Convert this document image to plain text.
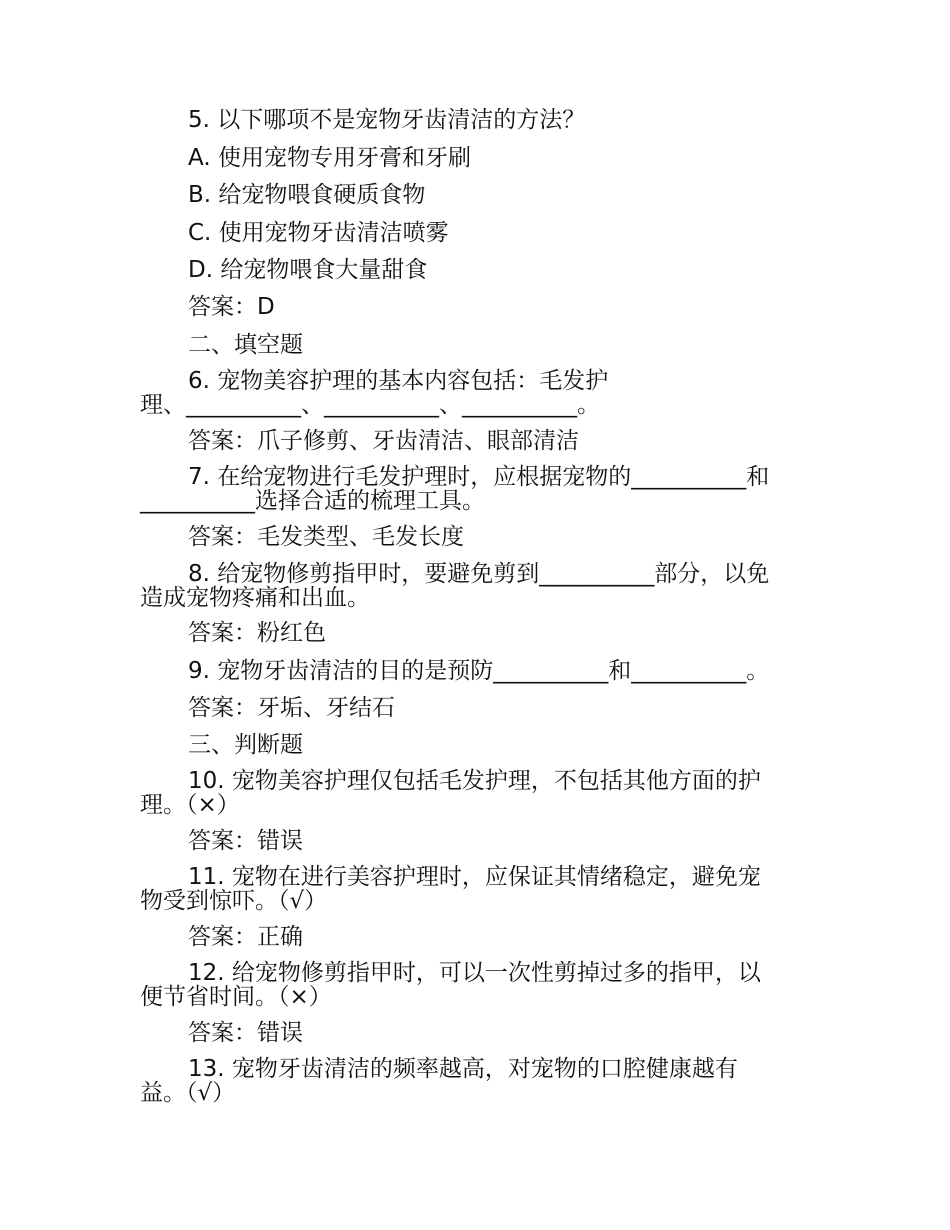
5. 以下哪项不是宠物牙齿清洁的方法？
A. 使用宠物专用牙膏和牙刷
B. 给宠物喂食硬质食物
C. 使用宠物牙齿清洁喷雾
D. 给宠物喂食大量甜食
答案：D
二、填空题
6. 宠物美容护理的基本内容包括：毛发护
理、__________、__________、__________。
答案：爪子修剪、牙齿清洁、眼部清洁
7. 在给宠物进行毛发护理时，应根据宠物的__________和
__________选择合适的梳理工具。
答案：毛发类型、毛发长度
8. 给宠物修剪指甲时，要避免剪到__________部分，以免
造成宠物疼痛和出血。
答案：粉红色
9. 宠物牙齿清洁的目的是预防__________和__________。
答案：牙垢、牙结石
三、判断题
10. 宠物美容护理仅包括毛发护理，不包括其他方面的护
理。（×）
答案：错误
11. 宠物在进行美容护理时，应保证其情绪稳定，避免宠
物受到惊吓。（√）
答案：正确
12. 给宠物修剪指甲时，可以一次性剪掉过多的指甲，以
便节省时间。（×）
答案：错误
13. 宠物牙齿清洁的频率越高，对宠物的口腔健康越有
益。（√）
